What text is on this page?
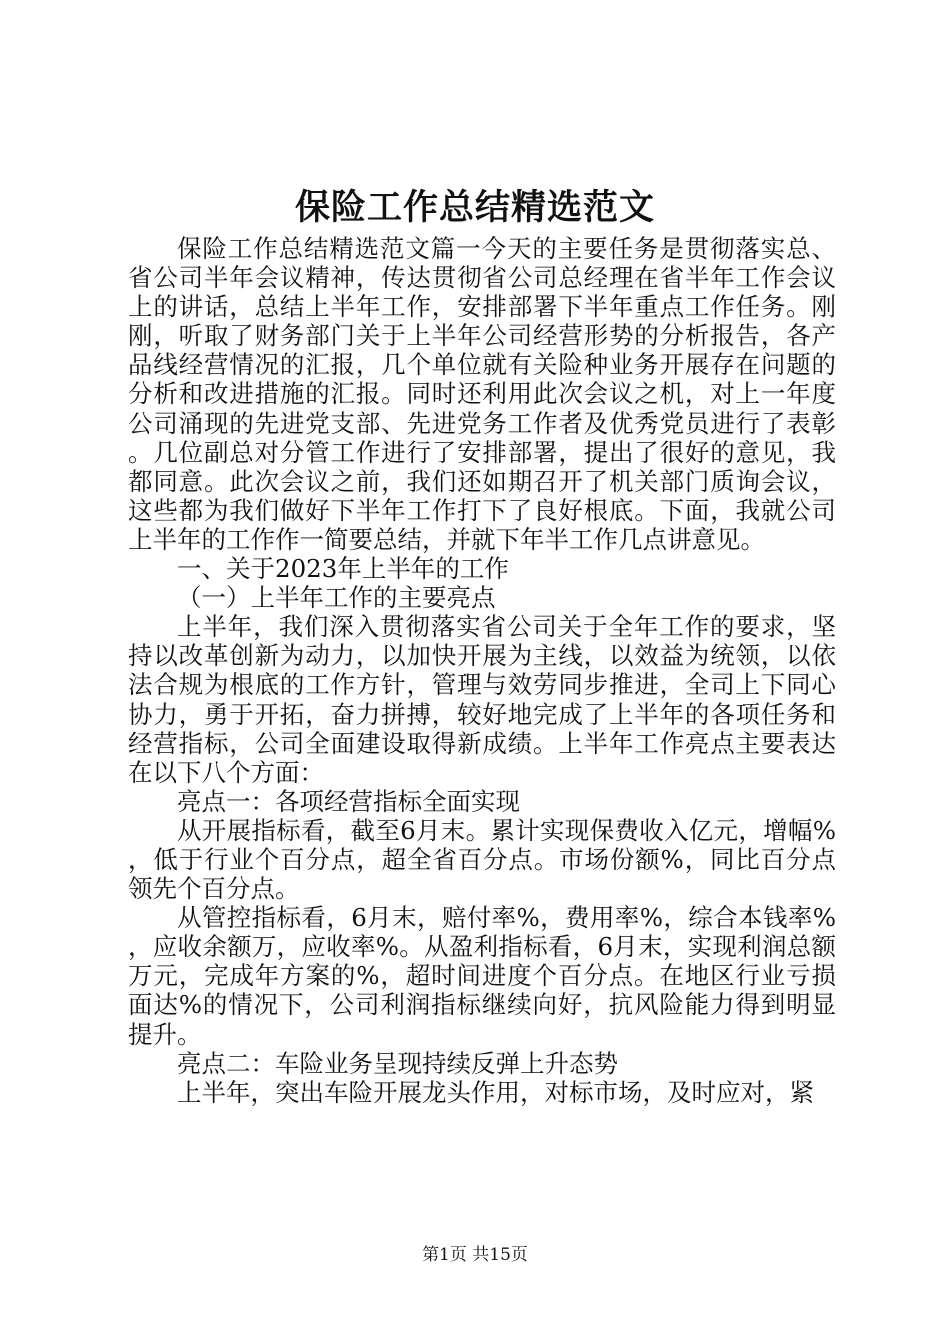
保险工作总结精选范文

保险工作总结精选范文篇一今天的主要任务是贯彻落实总、省公司半年会议精神，传达贯彻省公司总经理在省半年工作会议上的讲话，总结上半年工作，安排部署下半年重点工作任务。刚刚，听取了财务部门关于上半年公司经营形势的分析报告，各产品线经营情况的汇报，几个单位就有关险种业务开展存在问题的分析和改进措施的汇报。同时还利用此次会议之机，对上一年度公司涌现的先进党支部、先进党务工作者及优秀党员进行了表彰。几位副总对分管工作进行了安排部署，提出了很好的意见，我都同意。此次会议之前，我们还如期召开了机关部门质询会议，这些都为我们做好下半年工作打下了良好根底。下面，我就公司上半年的工作作一简要总结，并就下年半工作几点讲意见。

一、关于2023年上半年的工作

（一）上半年工作的主要亮点

上半年，我们深入贯彻落实省公司关于全年工作的要求，坚持以改革创新为动力，以加快开展为主线，以效益为统领，以依法合规为根底的工作方针，管理与效劳同步推进，全司上下同心协力，勇于开拓，奋力拼搏，较好地完成了上半年的各项任务和经营指标，公司全面建设取得新成绩。上半年工作亮点主要表达在以下八个方面：

亮点一：各项经营指标全面实现

从开展指标看，截至6月末。累计实现保费收入亿元，增幅%，低于行业个百分点，超全省百分点。市场份额%，同比百分点领先个百分点。

从管控指标看，6月末，赔付率%，费用率%，综合本钱率%，应收余额万，应收率%。从盈利指标看，6月末，实现利润总额万元，完成年方案的%，超时间进度个百分点。在地区行业亏损面达%的情况下，公司利润指标继续向好，抗风险能力得到明显提升。

亮点二：车险业务呈现持续反弹上升态势

上半年，突出车险开展龙头作用，对标市场，及时应对，紧

第1页 共15页
